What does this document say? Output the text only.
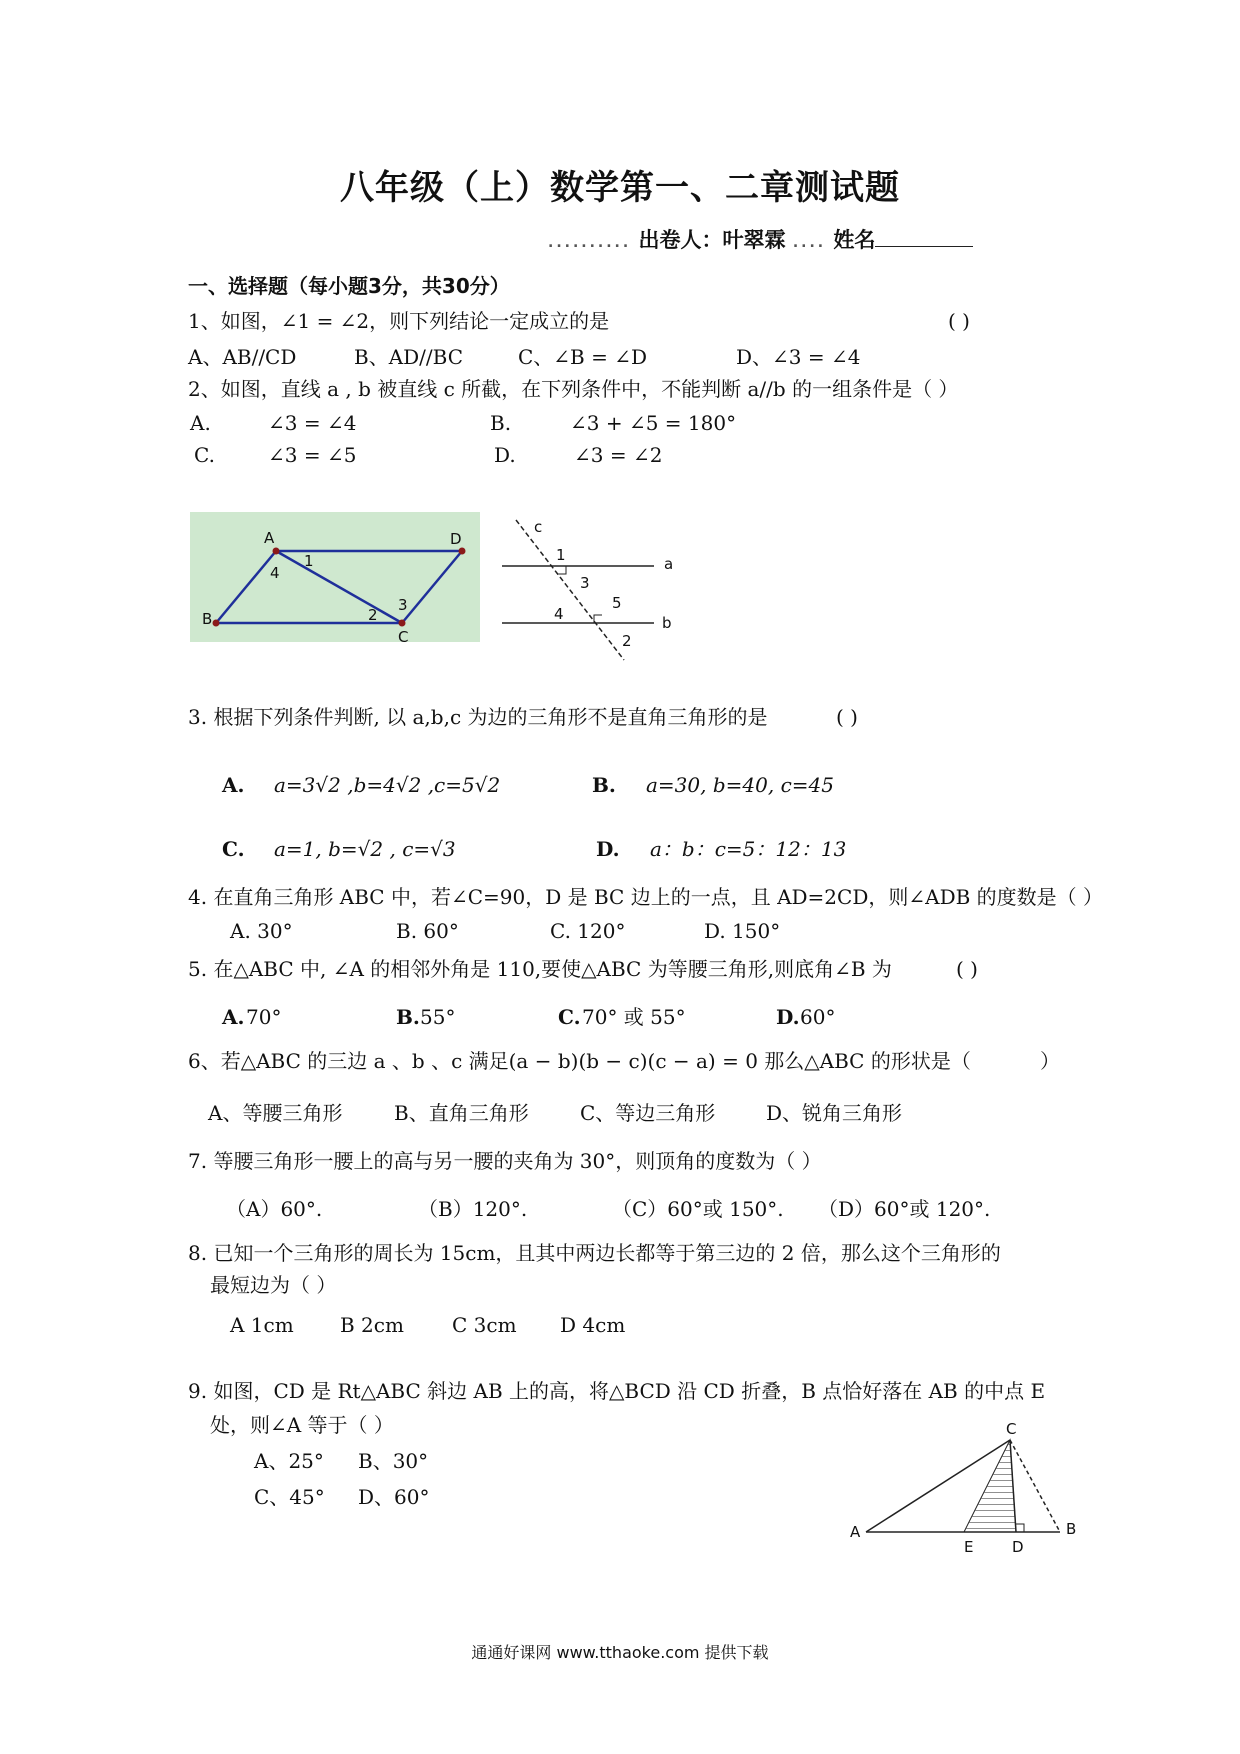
八年级（上）数学第一、二章测试题
.......... 出卷人：叶翠霖 .... 姓名
一、选择题（每小题3分，共30分）
1、如图，∠1 = ∠2，则下列结论一定成立的是	( )
A、AB//CD	B、AD//BC	C、∠B = ∠D	D、∠3 = ∠4
2、如图，直线 a , b 被直线 c 所截，在下列条件中，不能判断 a//b 的一组条件是（ ）
A.	∠3 = ∠4	B.	∠3 + ∠5 = 180°
C.	∠3 = ∠5	D.	∠3 = ∠2
A	D
B
C
1
4
2
3
c
a
b
1
3
4
5
2
3. 根据下列条件判断, 以 a,b,c 为边的三角形不是直角三角形的是	( )
A. a=3√2 ,b=4√2 ,c=5√2	B. a=30, b=40, c=45
C. a=1, b=√2 , c=√3	D. a：b：c=5：12：13
4. 在直角三角形 ABC 中，若∠C=90，D 是 BC 边上的一点，且 AD=2CD，则∠ADB 的度数是（ ）
A. 30°	B. 60°	C. 120°	D. 150°
5. 在△ABC 中, ∠A 的相邻外角是 110,要使△ABC 为等腰三角形,则底角∠B 为	( )
A. 70°	B. 55°	C. 70° 或 55°	D. 60°
6、若△ABC 的三边 a 、b 、c 满足(a − b)(b − c)(c − a) = 0 那么△ABC 的形状是（	）
A、等腰三角形	B、直角三角形	C、等边三角形	D、锐角三角形
7. 等腰三角形一腰上的高与另一腰的夹角为 30°，则顶角的度数为（ ）
（A）60°.	（B）120°.	（C）60°或 150°. （D）60°或 120°.
8. 已知一个三角形的周长为 15cm，且其中两边长都等于第三边的 2 倍，那么这个三角形的
最短边为（ ）
A 1cm B 2cm C 3cm D 4cm
9. 如图，CD 是 Rt△ABC 斜边 AB 上的高，将△BCD 沿 CD 折叠，B 点恰好落在 AB 的中点 E
处，则∠A 等于（ ）
A、25° B、30°
C、45° D、60°
A
C
B
E	D
通通好课网 www.tthaoke.com 提供下载
